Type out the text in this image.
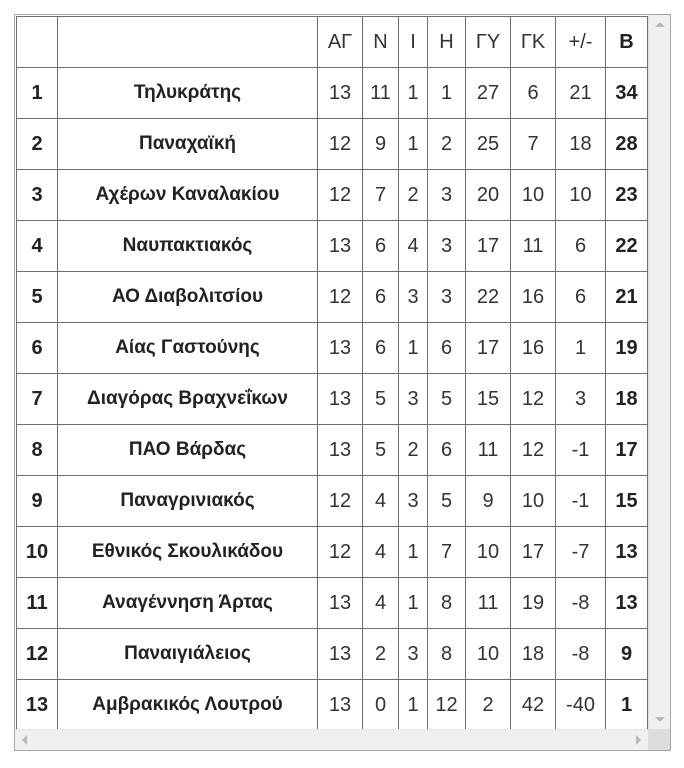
		ΑΓ	Ν	Ι	Η	ΓΥ	ΓΚ	+/-	Β
1	Τηλυκράτης	13	11	1	1	27	6	21	34
2	Παναχαϊκή	12	9	1	2	25	7	18	28
3	Αχέρων Καναλακίου	12	7	2	3	20	10	10	23
4	Ναυπακτιακός	13	6	4	3	17	11	6	22
5	ΑΟ Διαβολιτσίου	12	6	3	3	22	16	6	21
6	Αίας Γαστούνης	13	6	1	6	17	16	1	19
7	Διαγόρας Βραχνεΐκων	13	5	3	5	15	12	3	18
8	ΠΑΟ Βάρδας	13	5	2	6	11	12	-1	17
9	Παναγρινιακός	12	4	3	5	9	10	-1	15
10	Εθνικός Σκουλικάδου	12	4	1	7	10	17	-7	13
11	Αναγέννηση Άρτας	13	4	1	8	11	19	-8	13
12	Παναιγιάλειος	13	2	3	8	10	18	-8	9
13	Αμβρακικός Λουτρού	13	0	1	12	2	42	-40	1
